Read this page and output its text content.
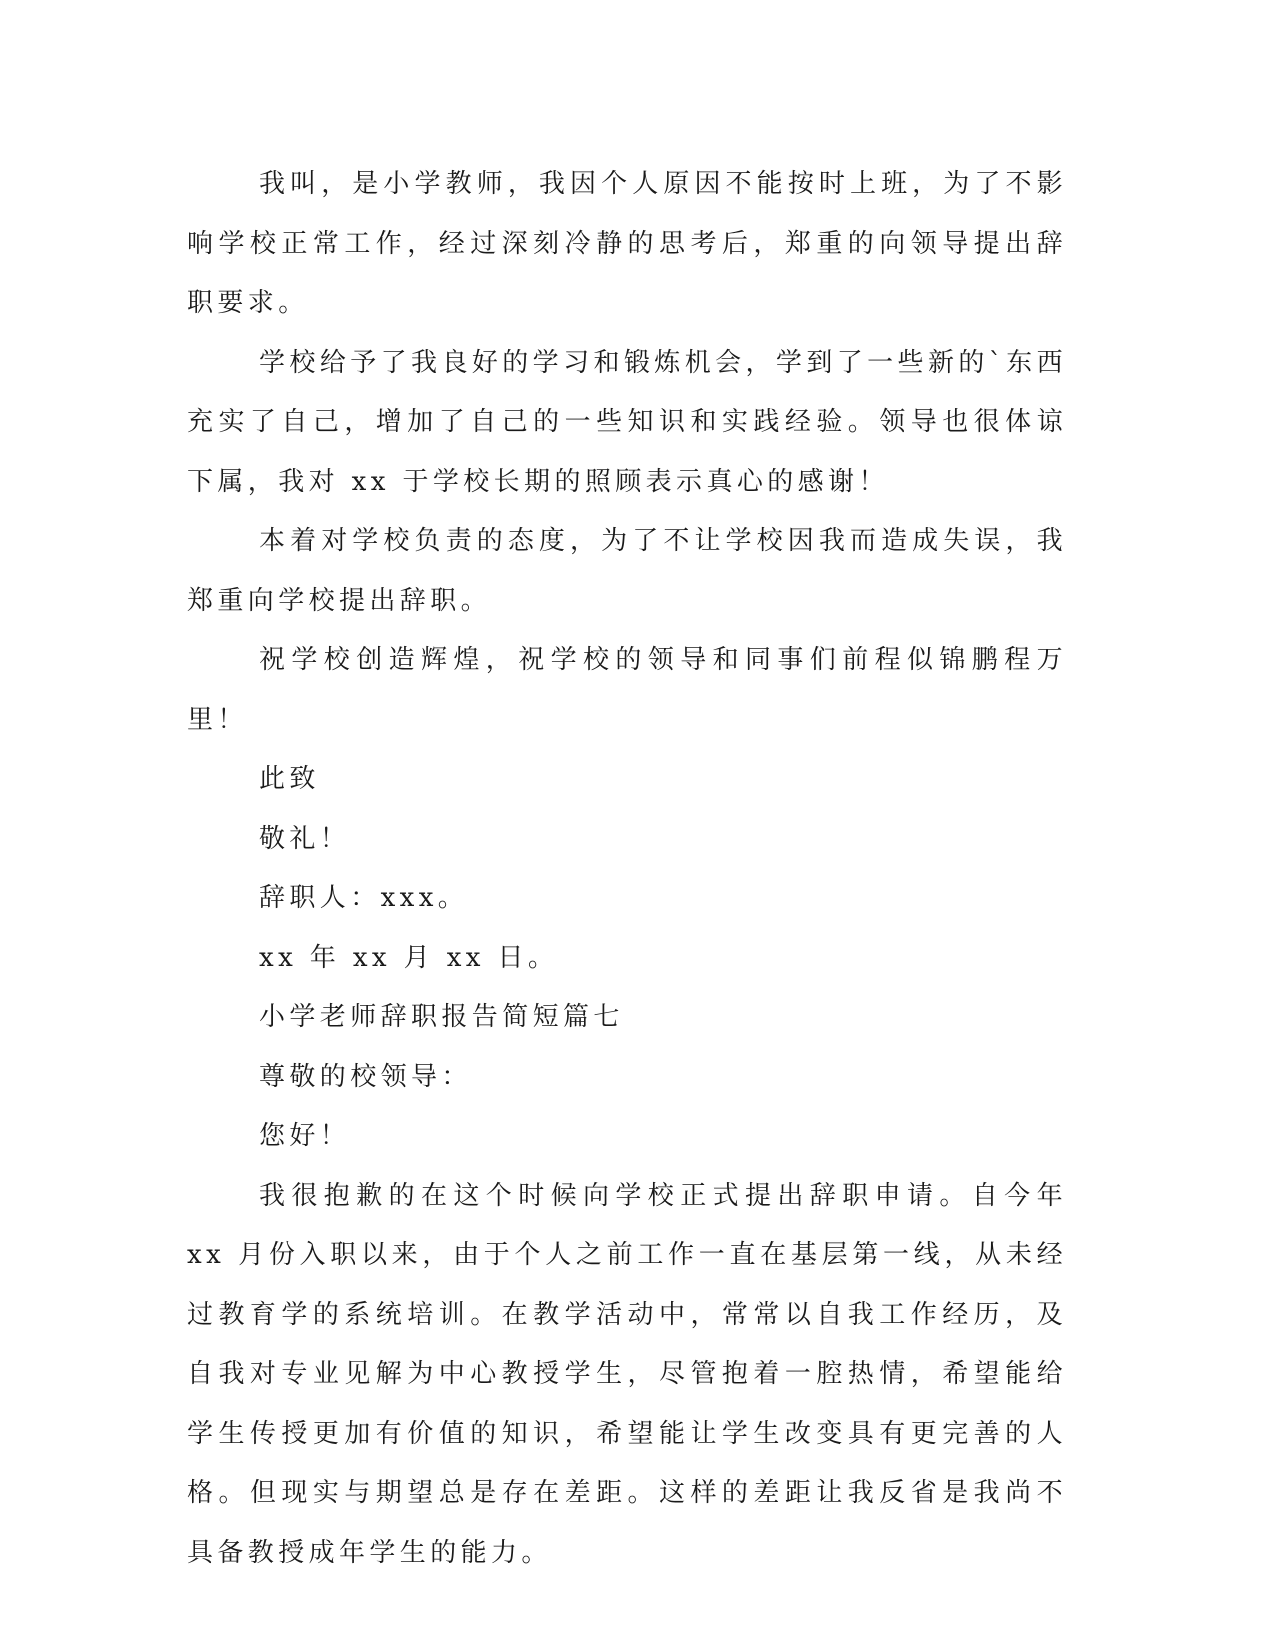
我叫，是小学教师，我因个人原因不能按时上班，为了不影响学校正常工作，经过深刻冷静的思考后，郑重的向领导提出辞职要求。

学校给予了我良好的学习和锻炼机会，学到了一些新的`东西充实了自己，增加了自己的一些知识和实践经验。领导也很体谅下属，我对 xx 于学校长期的照顾表示真心的感谢！

本着对学校负责的态度，为了不让学校因我而造成失误，我郑重向学校提出辞职。

祝学校创造辉煌，祝学校的领导和同事们前程似锦鹏程万里！

此致

敬礼！

辞职人：xxx。

xx 年 xx 月 xx 日。

小学老师辞职报告简短篇七

尊敬的校领导：

您好！

我很抱歉的在这个时候向学校正式提出辞职申请。自今年 xx 月份入职以来，由于个人之前工作一直在基层第一线，从未经过教育学的系统培训。在教学活动中，常常以自我工作经历，及自我对专业见解为中心教授学生，尽管抱着一腔热情，希望能给学生传授更加有价值的知识，希望能让学生改变具有更完善的人格。但现实与期望总是存在差距。这样的差距让我反省是我尚不具备教授成年学生的能力。
